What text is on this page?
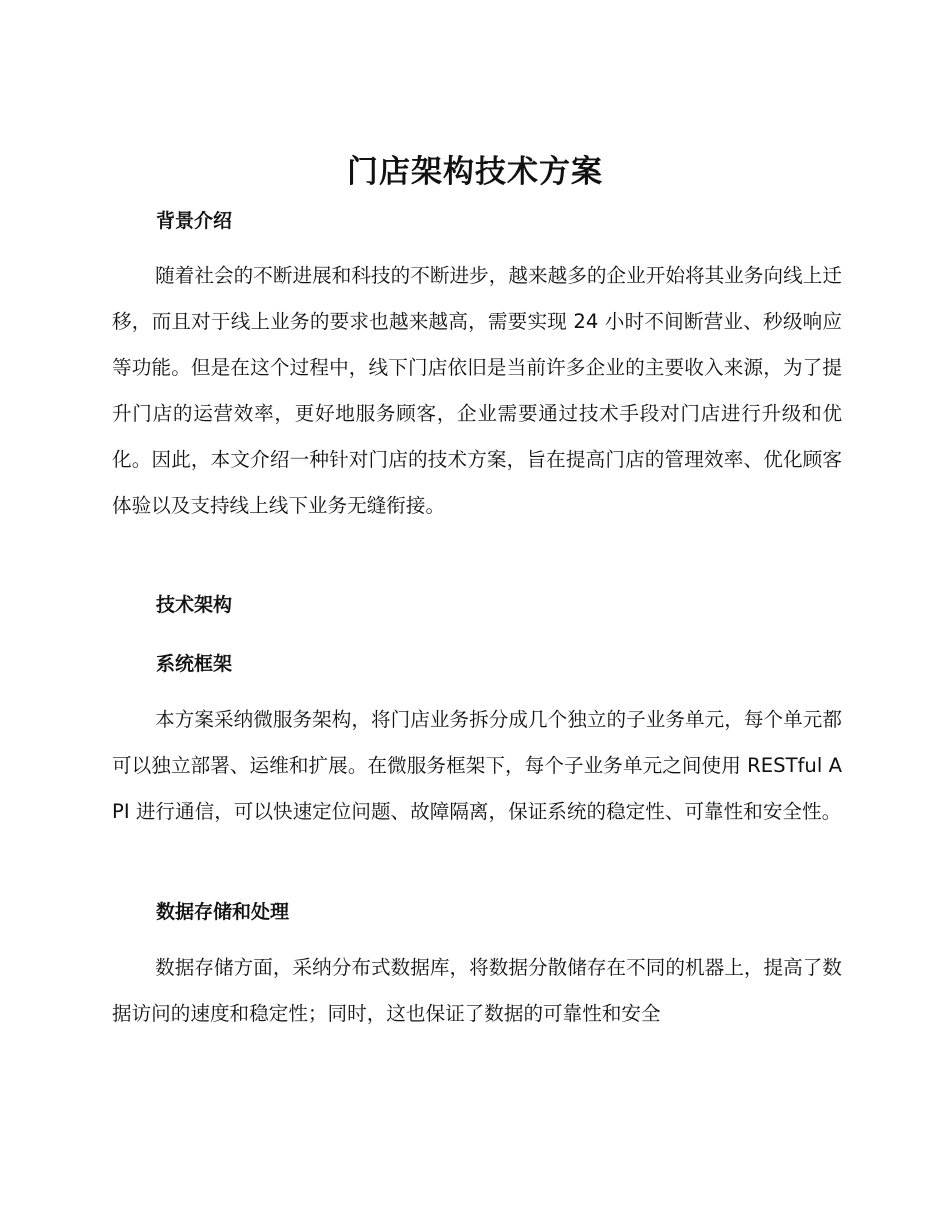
门店架构技术方案
背景介绍
随着社会的不断进展和科技的不断进步，越来越多的企业开始将其业务向线上迁移，而且对于线上业务的要求也越来越高，需要实现 24 小时不间断营业、秒级响应等功能。但是在这个过程中，线下门店依旧是当前许多企业的主要收入来源，为了提升门店的运营效率，更好地服务顾客，企业需要通过技术手段对门店进行升级和优化。因此，本文介绍一种针对门店的技术方案，旨在提高门店的管理效率、优化顾客体验以及支持线上线下业务无缝衔接。
技术架构
系统框架
本方案采纳微服务架构，将门店业务拆分成几个独立的子业务单元，每个单元都可以独立部署、运维和扩展。在微服务框架下，每个子业务单元之间使用 RESTful API 进行通信，可以快速定位问题、故障隔离，保证系统的稳定性、可靠性和安全性。
数据存储和处理
数据存储方面，采纳分布式数据库，将数据分散储存在不同的机器上，提高了数据访问的速度和稳定性；同时，这也保证了数据的可靠性和安全
